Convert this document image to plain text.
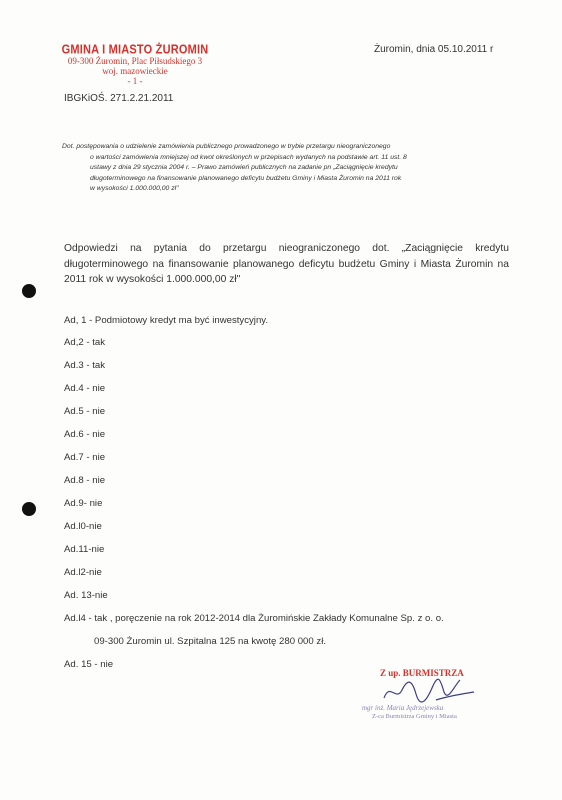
GMINA I MIASTO ŻUROMIN
09-300 Żuromin, Plac Piłsudskiego 3
woj. mazowieckie
- 1 -
Żuromin, dnia 05.10.2011 r
IBGKiOŚ. 271.2.21.2011
Dot. postępowania o udzielenie zamówienia publicznego prowadzonego w trybie przetargu nieograniczonego
o wartości zamówienia mniejszej od kwot określonych w przepisach wydanych na podstawie art. 11 ust. 8
ustawy z dnia 29 stycznia 2004 r. – Prawo zamówień publicznych na zadanie pn „Zaciągnięcie kredytu
długoterminowego na finansowanie planowanego deficytu budżetu Gminy i Miasta Żuromin na 2011 rok
w wysokości 1.000.000,00 zł"
Odpowiedzi na pytania do przetargu nieograniczonego dot. „Zaciągnięcie kredytu długoterminowego na finansowanie planowanego deficytu budżetu Gminy i Miasta Żuromin na 2011 rok w wysokości 1.000.000,00 zł"
Ad, 1 - Podmiotowy kredyt ma być inwestycyjny.
Ad,2 - tak
Ad.3 - tak
Ad.4 - nie
Ad.5 - nie
Ad.6 - nie
Ad.7 - nie
Ad.8 - nie
Ad.9- nie
Ad.l0-nie
Ad.11-nie
Ad.l2-nie
Ad. 13-nie
Ad.l4 - tak , poręczenie na rok 2012-2014 dla Żuromińskie Zakłady Komunalne Sp. z o. o.
09-300 Żuromin ul. Szpitalna 125 na kwotę 280 000 zł.
Ad. 15 - nie
Z up. BURMISTRZA
mgr inż. Maria Jędrzejewska
Z-ca Burmistrza Gminy i Miasta
